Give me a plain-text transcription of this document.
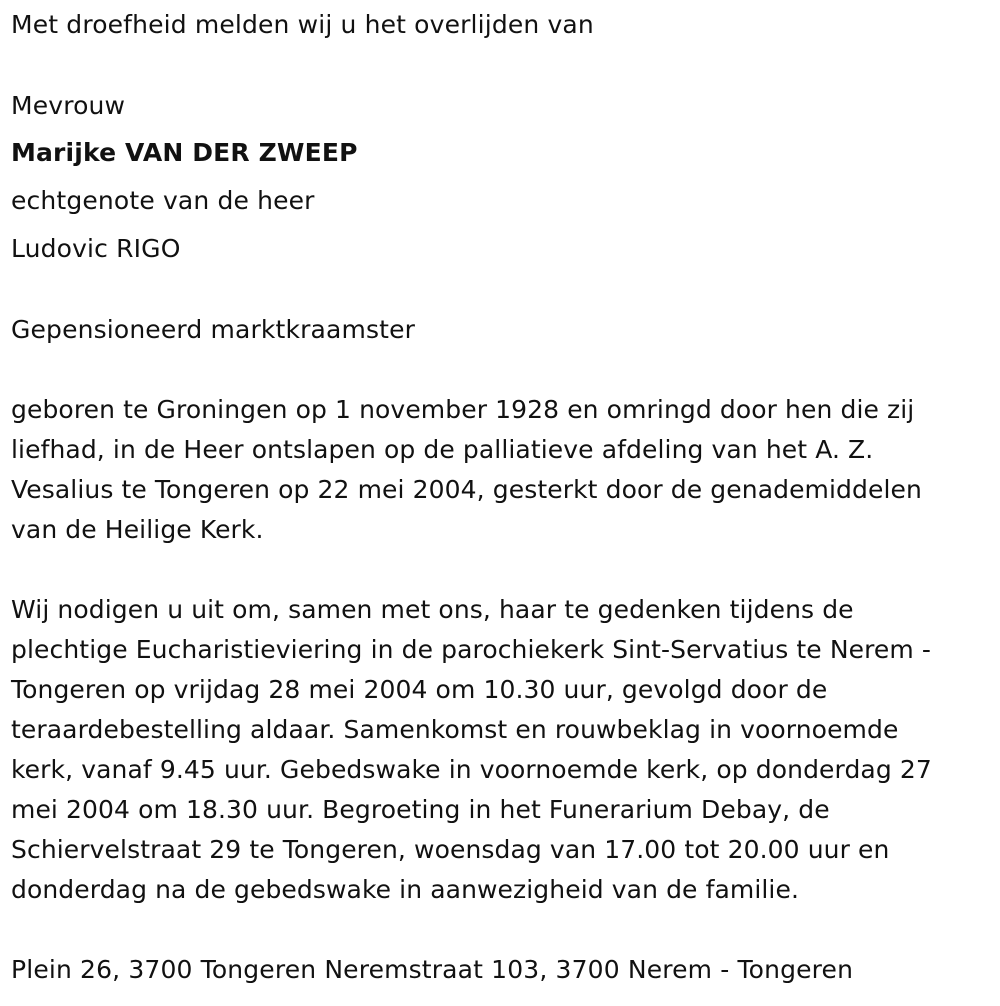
Met droefheid melden wij u het overlijden van
Mevrouw
Marijke VAN DER ZWEEP
echtgenote van de heer
Ludovic RIGO
Gepensioneerd marktkraamster
geboren te Groningen op 1 november 1928 en omringd door hen die zij
liefhad, in de Heer ontslapen op de palliatieve afdeling van het A. Z.
Vesalius te Tongeren op 22 mei 2004, gesterkt door de genademiddelen
van de Heilige Kerk.
Wij nodigen u uit om, samen met ons, haar te gedenken tijdens de
plechtige Eucharistieviering in de parochiekerk Sint-Servatius te Nerem -
Tongeren op vrijdag 28 mei 2004 om 10.30 uur, gevolgd door de
teraardebestelling aldaar. Samenkomst en rouwbeklag in voornoemde
kerk, vanaf 9.45 uur. Gebedswake in voornoemde kerk, op donderdag 27
mei 2004 om 18.30 uur. Begroeting in het Funerarium Debay, de
Schiervelstraat 29 te Tongeren, woensdag van 17.00 tot 20.00 uur en
donderdag na de gebedswake in aanwezigheid van de familie.
Plein 26, 3700 Tongeren Neremstraat 103, 3700 Nerem - Tongeren
